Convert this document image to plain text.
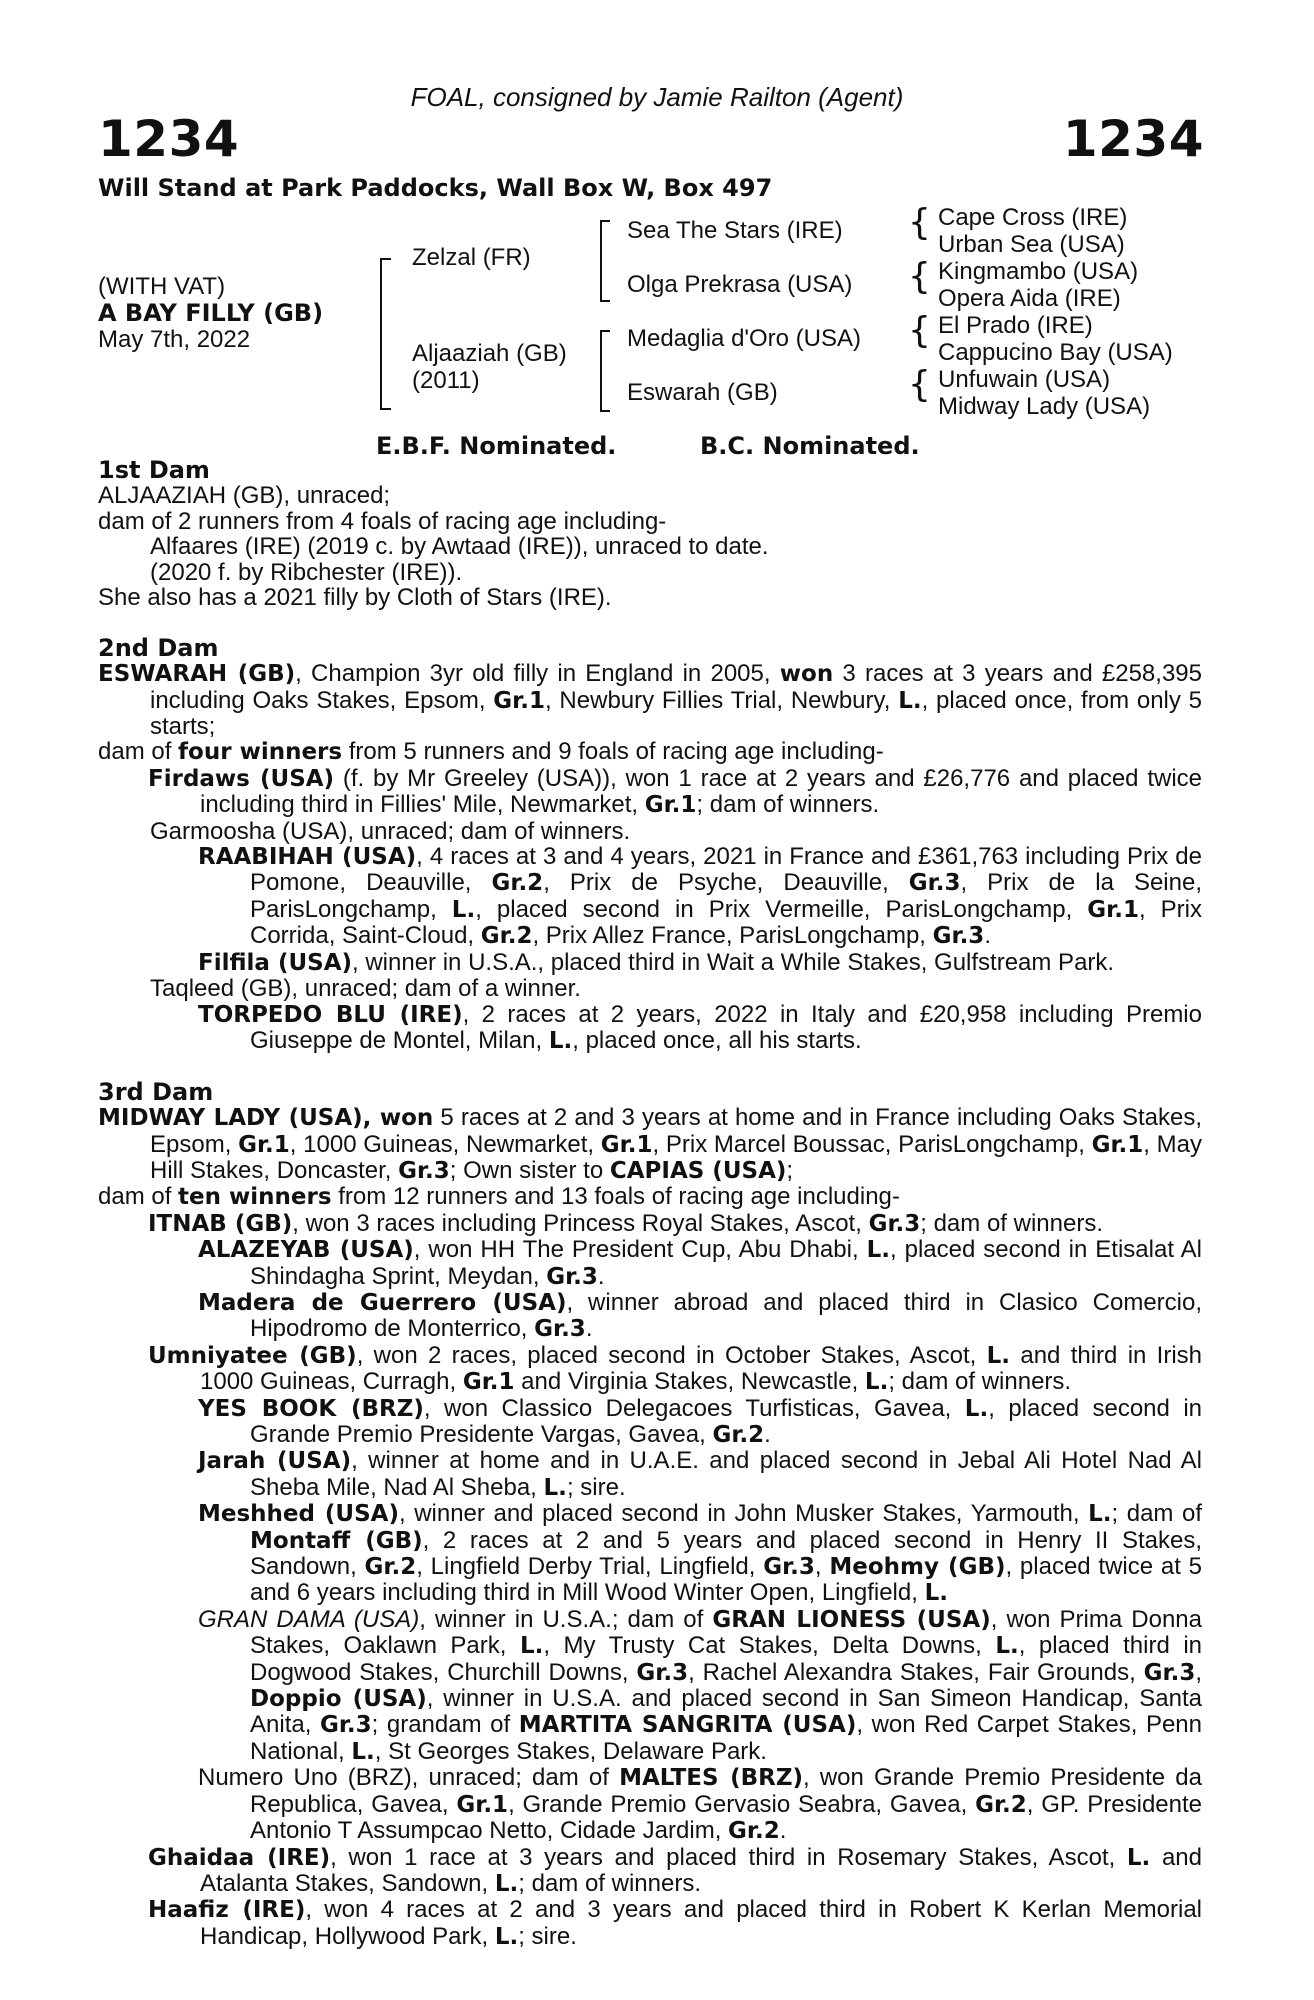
FOAL, consigned by Jamie Railton (Agent)
1234	1234
Will Stand at Park Paddocks, Wall Box W, Box 497
(WITH VAT)
A BAY FILLY (GB)
May 7th, 2022
Zelzal (FR)
Aljaaziah (GB)
(2011)
Sea The Stars (IRE)
Olga Prekrasa (USA)
Medaglia d'Oro (USA)
Eswarah (GB)
{
{
{
{
Cape Cross (IRE)
Urban Sea (USA)
Kingmambo (USA)
Opera Aida (IRE)
El Prado (IRE)
Cappucino Bay (USA)
Unfuwain (USA)
Midway Lady (USA)
E.B.F. Nominated.	B.C. Nominated.
1st Dam
ALJAAZIAH (GB), unraced;
dam of 2 runners from 4 foals of racing age including-
Alfaares (IRE) (2019 c. by Awtaad (IRE)), unraced to date.
(2020 f. by Ribchester (IRE)).
She also has a 2021 filly by Cloth of Stars (IRE).
2nd Dam
ESWARAH (GB), Champion 3yr old filly in England in 2005, won 3 races at 3 years and £258,395 including Oaks Stakes, Epsom, Gr.1, Newbury Fillies Trial, Newbury, L., placed once, from only 5 starts;
dam of four winners from 5 runners and 9 foals of racing age including-
Firdaws (USA) (f. by Mr Greeley (USA)), won 1 race at 2 years and £26,776 and placed twice including third in Fillies' Mile, Newmarket, Gr.1; dam of winners.
Garmoosha (USA), unraced; dam of winners.
RAABIHAH (USA), 4 races at 3 and 4 years, 2021 in France and £361,763 including Prix de Pomone, Deauville, Gr.2, Prix de Psyche, Deauville, Gr.3, Prix de la Seine, ParisLongchamp, L., placed second in Prix Vermeille, ParisLongchamp, Gr.1, Prix Corrida, Saint-Cloud, Gr.2, Prix Allez France, ParisLongchamp, Gr.3.
Filfila (USA), winner in U.S.A., placed third in Wait a While Stakes, Gulfstream Park.
Taqleed (GB), unraced; dam of a winner.
TORPEDO BLU (IRE), 2 races at 2 years, 2022 in Italy and £20,958 including Premio Giuseppe de Montel, Milan, L., placed once, all his starts.
3rd Dam
MIDWAY LADY (USA), won 5 races at 2 and 3 years at home and in France including Oaks Stakes, Epsom, Gr.1, 1000 Guineas, Newmarket, Gr.1, Prix Marcel Boussac, ParisLongchamp, Gr.1, May Hill Stakes, Doncaster, Gr.3; Own sister to CAPIAS (USA);
dam of ten winners from 12 runners and 13 foals of racing age including-
ITNAB (GB), won 3 races including Princess Royal Stakes, Ascot, Gr.3; dam of winners.
ALAZEYAB (USA), won HH The President Cup, Abu Dhabi, L., placed second in Etisalat Al Shindagha Sprint, Meydan, Gr.3.
Madera de Guerrero (USA), winner abroad and placed third in Clasico Comercio, Hipodromo de Monterrico, Gr.3.
Umniyatee (GB), won 2 races, placed second in October Stakes, Ascot, L. and third in Irish 1000 Guineas, Curragh, Gr.1 and Virginia Stakes, Newcastle, L.; dam of winners.
YES BOOK (BRZ), won Classico Delegacoes Turfisticas, Gavea, L., placed second in Grande Premio Presidente Vargas, Gavea, Gr.2.
Jarah (USA), winner at home and in U.A.E. and placed second in Jebal Ali Hotel Nad Al Sheba Mile, Nad Al Sheba, L.; sire.
Meshhed (USA), winner and placed second in John Musker Stakes, Yarmouth, L.; dam of Montaff (GB), 2 races at 2 and 5 years and placed second in Henry II Stakes, Sandown, Gr.2, Lingfield Derby Trial, Lingfield, Gr.3, Meohmy (GB), placed twice at 5 and 6 years including third in Mill Wood Winter Open, Lingfield, L.
GRAN DAMA (USA), winner in U.S.A.; dam of GRAN LIONESS (USA), won Prima Donna Stakes, Oaklawn Park, L., My Trusty Cat Stakes, Delta Downs, L., placed third in Dogwood Stakes, Churchill Downs, Gr.3, Rachel Alexandra Stakes, Fair Grounds, Gr.3, Doppio (USA), winner in U.S.A. and placed second in San Simeon Handicap, Santa Anita, Gr.3; grandam of MARTITA SANGRITA (USA), won Red Carpet Stakes, Penn National, L., St Georges Stakes, Delaware Park.
Numero Uno (BRZ), unraced; dam of MALTES (BRZ), won Grande Premio Presidente da Republica, Gavea, Gr.1, Grande Premio Gervasio Seabra, Gavea, Gr.2, GP. Presidente Antonio T Assumpcao Netto, Cidade Jardim, Gr.2.
Ghaidaa (IRE), won 1 race at 3 years and placed third in Rosemary Stakes, Ascot, L. and Atalanta Stakes, Sandown, L.; dam of winners.
Haafiz (IRE), won 4 races at 2 and 3 years and placed third in Robert K Kerlan Memorial Handicap, Hollywood Park, L.; sire.
